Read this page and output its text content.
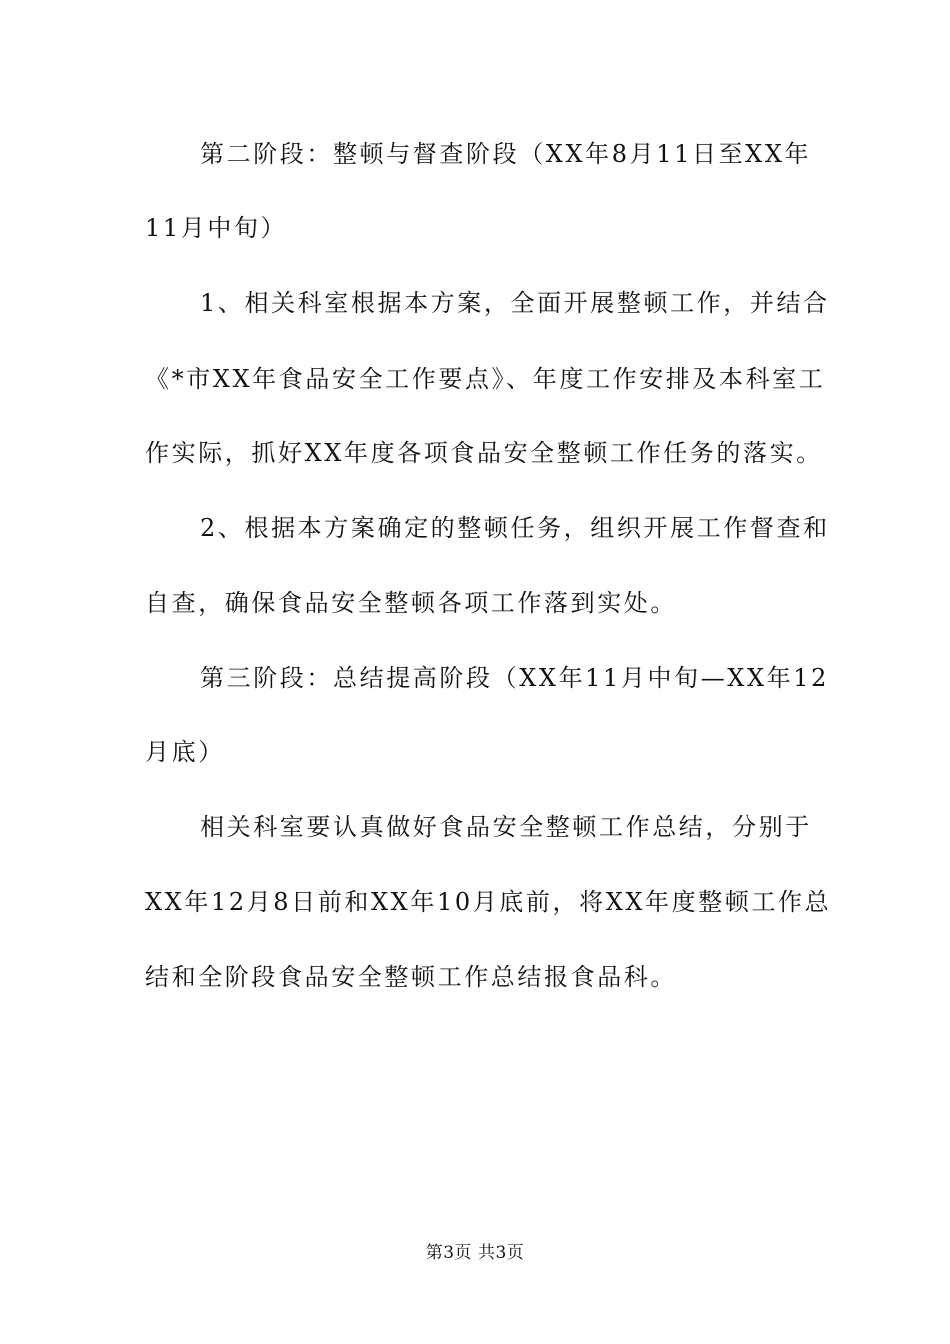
第二阶段：整顿与督查阶段（XX年8月11日至XX年
11月中旬）
1、相关科室根据本方案，全面开展整顿工作，并结合
《*市XX年食品安全工作要点》、年度工作安排及本科室工
作实际，抓好XX年度各项食品安全整顿工作任务的落实。
2、根据本方案确定的整顿任务，组织开展工作督查和
自查，确保食品安全整顿各项工作落到实处。
第三阶段：总结提高阶段（XX年11月中旬—XX年12
月底）
相关科室要认真做好食品安全整顿工作总结，分别于
XX年12月8日前和XX年10月底前，将XX年度整顿工作总
结和全阶段食品安全整顿工作总结报食品科。
第3页 共3页
